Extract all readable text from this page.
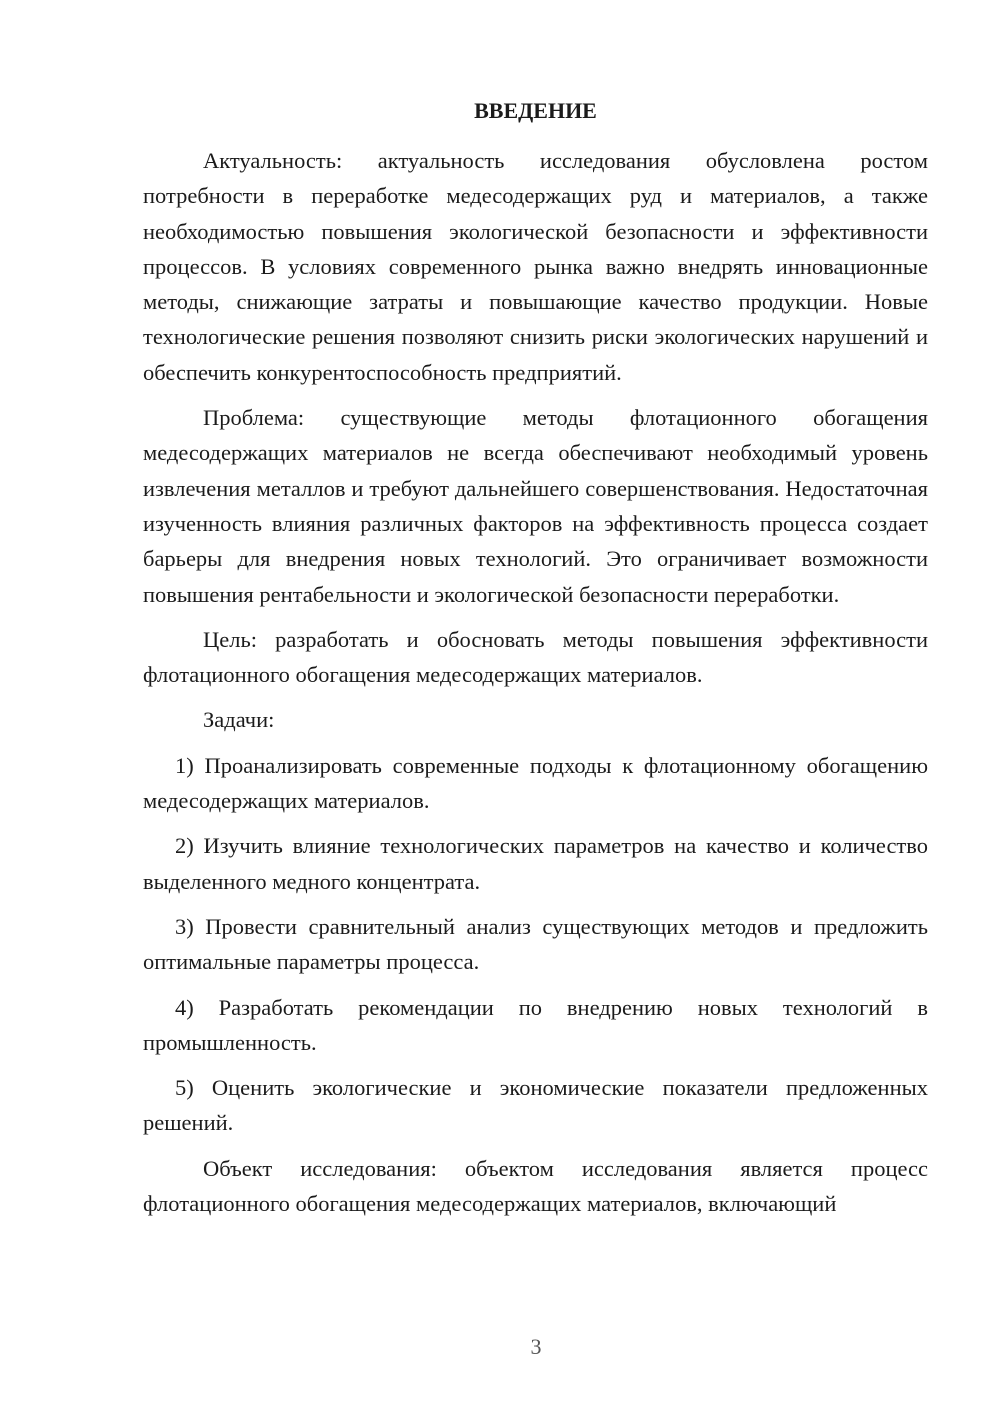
ВВЕДЕНИЕ

Актуальность: актуальность исследования обусловлена ростом потребности в переработке медесодержащих руд и материалов, а также необходимостью повышения экологической безопасности и эффективности процессов. В условиях современного рынка важно внедрять инновационные методы, снижающие затраты и повышающие качество продукции. Новые технологические решения позволяют снизить риски экологических нарушений и обеспечить конкурентоспособность предприятий.

Проблема: существующие методы флотационного обогащения медесодержащих материалов не всегда обеспечивают необходимый уровень извлечения металлов и требуют дальнейшего совершенствования. Недостаточная изученность влияния различных факторов на эффективность процесса создает барьеры для внедрения новых технологий. Это ограничивает возможности повышения рентабельности и экологической безопасности переработки.

Цель: разработать и обосновать методы повышения эффективности флотационного обогащения медесодержащих материалов.

Задачи:

1) Проанализировать современные подходы к флотационному обогащению медесодержащих материалов.

2) Изучить влияние технологических параметров на качество и количество выделенного медного концентрата.

3) Провести сравнительный анализ существующих методов и предложить оптимальные параметры процесса.

4) Разработать рекомендации по внедрению новых технологий в промышленность.

5) Оценить экологические и экономические показатели предложенных решений.

Объект исследования: объектом исследования является процесс флотационного обогащения медесодержащих материалов, включающий

3
